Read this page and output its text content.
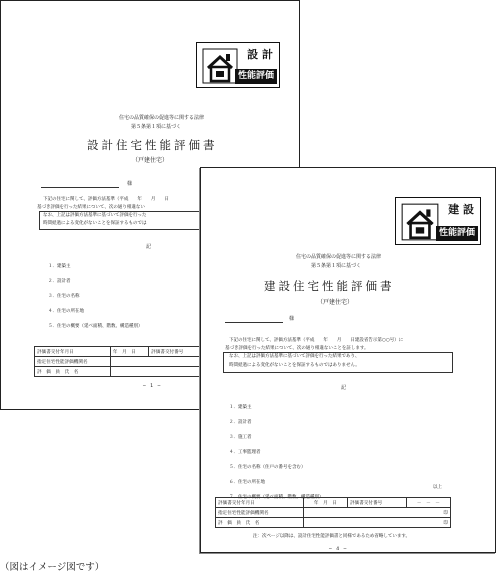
設 計
性能評価
住宅の品質確保の促進等に関する法律
第５条第１項に基づく
設計住宅性能評価書
（戸建住宅）
様
下記の住宅に関して、評価方法基準（平成　　年　　月　　日
基づき評価を行った結果について、次の通り相違ない
なお、上記は評価方法基準に基づいて評価を行った
時間経過による変化がないことを保証するものでは
記
１．建築主
２．設計者
３．住宅の名称
４．住宅の所在地
５．住宅の概要（延べ面積、階数、構造種別）
評価書交付年月日	年　月　日	評価書交付番号
指定住宅性能評価機関名		
評　価　員　氏　名		
─　1　─
建 設
性能評価
住宅の品質確保の促進等に関する法律
第５条第１項に基づく
建設住宅性能評価書
（戸建住宅）
様
下記の住宅に関して、評価方法基準（平成　　年　　月　　日建設省告示第○○号）に
基づき評価を行った結果について、次の通り相違ないことを証します。
なお、上記は評価方法基準に基づいて評価を行った結果であり、
時間経過による変化がないことを保証するものではありません。
記
１．建築主
２．設計者
３．施工者
４．工事監理者
５．住宅の名称（住戸の番号を含む）
６．住宅の所在地
７．住宅の概要（延べ面積、階数、構造種別）
以上
評価書交付年月日	年　月　日	評価書交付番号	－　－　－
指定住宅性能評価機関名	印		
評　価　員　氏　名	印		
注：次ページ以降は、設計住宅性能評価書と同様であるため省略しています。
─　4　─
（図はイメージ図です）
